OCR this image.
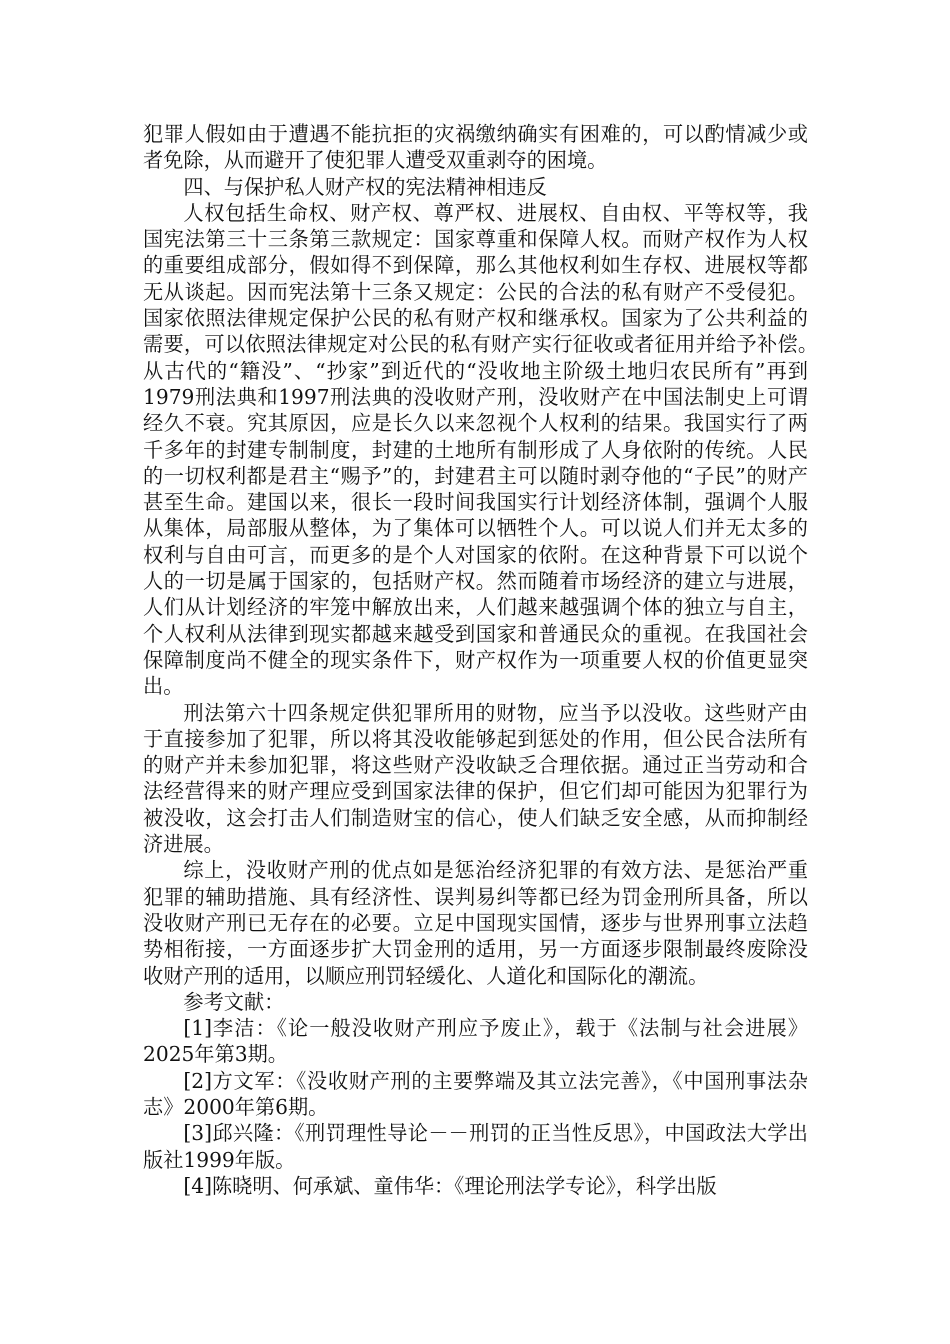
犯罪人假如由于遭遇不能抗拒的灾祸缴纳确实有困难的，可以酌情减少或者免除，从而避开了使犯罪人遭受双重剥夺的困境。

四、与保护私人财产权的宪法精神相违反

人权包括生命权、财产权、尊严权、进展权、自由权、平等权等，我国宪法第三十三条第三款规定：国家尊重和保障人权。而财产权作为人权的重要组成部分，假如得不到保障，那么其他权利如生存权、进展权等都无从谈起。因而宪法第十三条又规定：公民的合法的私有财产不受侵犯。国家依照法律规定保护公民的私有财产权和继承权。国家为了公共利益的需要，可以依照法律规定对公民的私有财产实行征收或者征用并给予补偿。　　　从古代的“籍没”、“抄家”到近代的“没收地主阶级土地归农民所有”再到1979刑法典和1997刑法典的没收财产刑，没收财产在中国法制史上可谓经久不衰。究其原因，应是长久以来忽视个人权利的结果。我国实行了两千多年的封建专制制度，封建的土地所有制形成了人身依附的传统。人民的一切权利都是君主“赐予”的，封建君主可以随时剥夺他的“子民”的财产甚至生命。建国以来，很长一段时间我国实行计划经济体制，强调个人服从集体，局部服从整体，为了集体可以牺牲个人。可以说人们并无太多的权利与自由可言，而更多的是个人对国家的依附。在这种背景下可以说个人的一切是属于国家的，包括财产权。然而随着市场经济的建立与进展，人们从计划经济的牢笼中解放出来，人们越来越强调个体的独立与自主，个人权利从法律到现实都越来越受到国家和普通民众的重视。在我国社会保障制度尚不健全的现实条件下，财产权作为一项重要人权的价值更显突出。

刑法第六十四条规定供犯罪所用的财物，应当予以没收。这些财产由于直接参加了犯罪，所以将其没收能够起到惩处的作用，但公民合法所有的财产并未参加犯罪，将这些财产没收缺乏合理依据。通过正当劳动和合法经营得来的财产理应受到国家法律的保护，但它们却可能因为犯罪行为被没收，这会打击人们制造财宝的信心，使人们缺乏安全感，从而抑制经济进展。

综上，没收财产刑的优点如是惩治经济犯罪的有效方法、是惩治严重犯罪的辅助措施、具有经济性、误判易纠等都已经为罚金刑所具备，所以没收财产刑已无存在的必要。立足中国现实国情，逐步与世界刑事立法趋势相衔接，一方面逐步扩大罚金刑的适用，另一方面逐步限制最终废除没收财产刑的适用，以顺应刑罚轻缓化、人道化和国际化的潮流。

参考文献：

[1]李洁：《论一般没收财产刑应予废止》，载于《法制与社会进展》2025年第3期。

[2]方文军：《没收财产刑的主要弊端及其立法完善》，《中国刑事法杂志》2000年第6期。

[3]邱兴隆：《刑罚理性导论－－刑罚的正当性反思》，中国政法大学出版社1999年版。

[4]陈晓明、何承斌、童伟华：《理论刑法学专论》，科学出版
